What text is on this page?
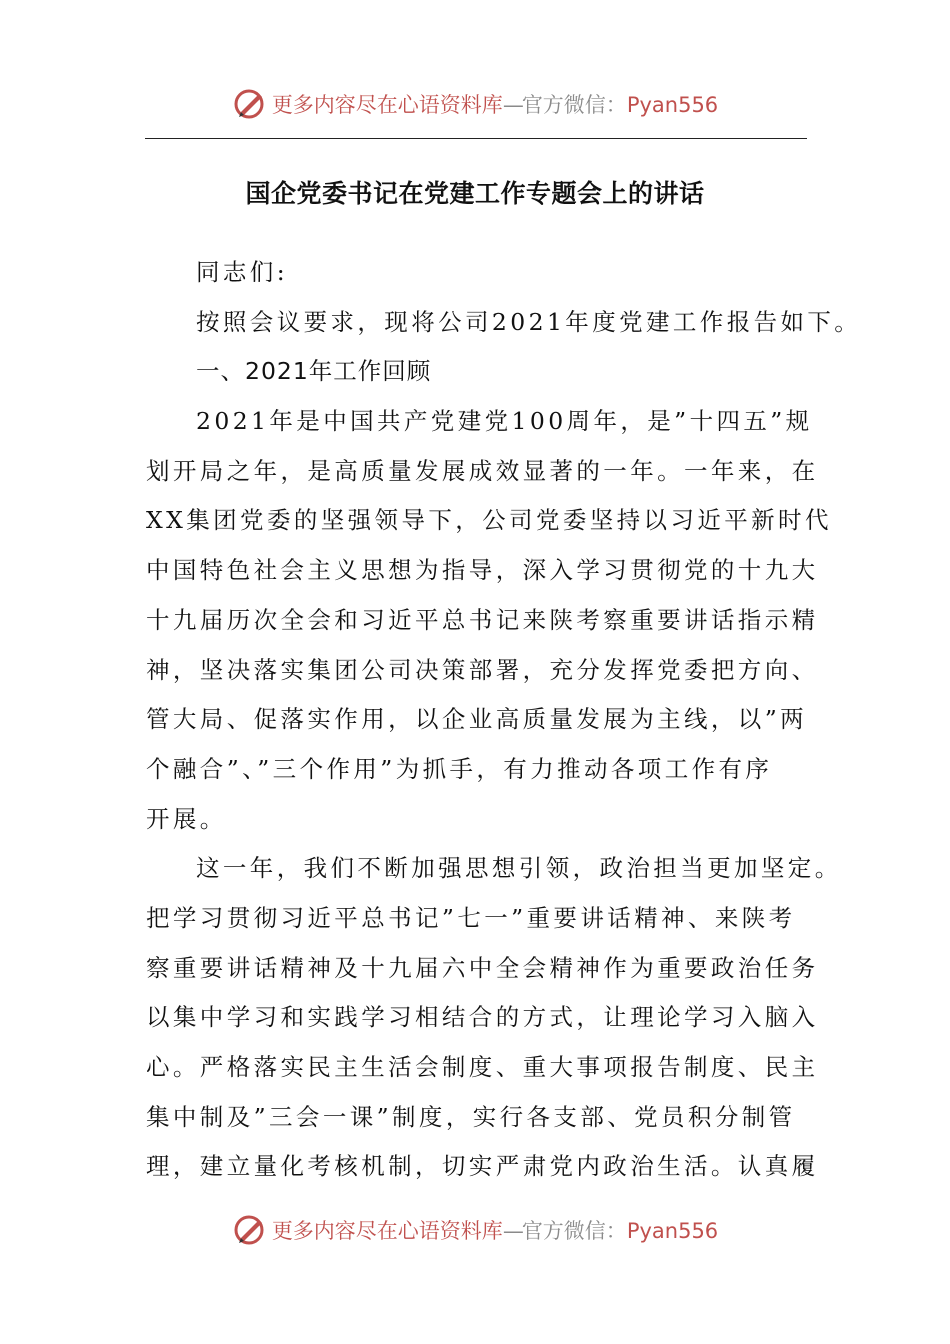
更多内容尽在心语资料库—官方微信：Pyan556
国企党委书记在党建工作专题会上的讲话
同志们:
按照会议要求，现将公司2021年度党建工作报告如下。
一、2021年工作回顾
2021年是中国共产党建党100周年，是”十四五”规
划开局之年，是高质量发展成效显著的一年。一年来，在
XX集团党委的坚强领导下，公司党委坚持以习近平新时代
中国特色社会主义思想为指导，深入学习贯彻党的十九大
十九届历次全会和习近平总书记来陕考察重要讲话指示精
神，坚决落实集团公司决策部署，充分发挥党委把方向、
管大局、促落实作用，以企业高质量发展为主线，以”两
个融合”、”三个作用”为抓手，有力推动各项工作有序
开展。
这一年，我们不断加强思想引领，政治担当更加坚定。
把学习贯彻习近平总书记”七一”重要讲话精神、来陕考
察重要讲话精神及十九届六中全会精神作为重要政治任务
以集中学习和实践学习相结合的方式，让理论学习入脑入
心。严格落实民主生活会制度、重大事项报告制度、民主
集中制及”三会一课”制度，实行各支部、党员积分制管
理，建立量化考核机制，切实严肃党内政治生活。认真履
更多内容尽在心语资料库—官方微信：Pyan556
